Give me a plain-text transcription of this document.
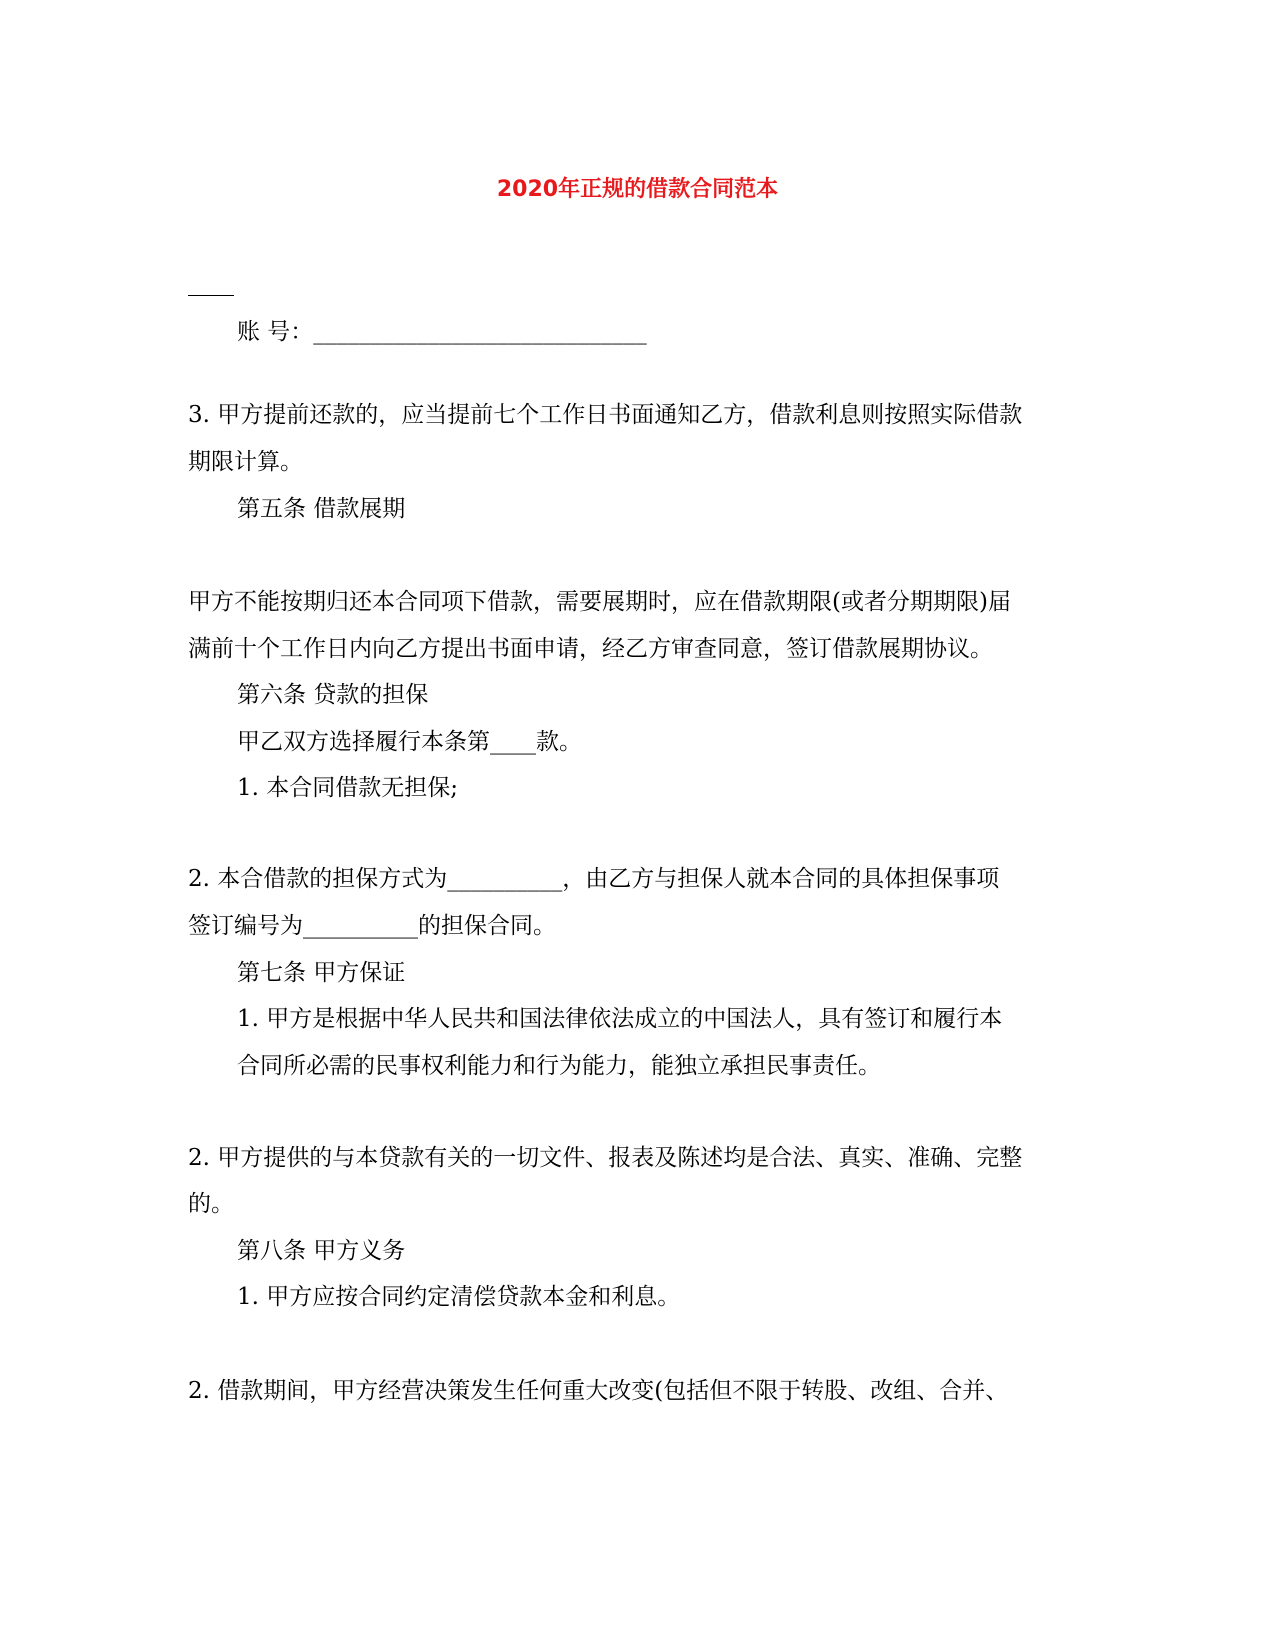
2020年正规的借款合同范本
账 号：_____________________________
3. 甲方提前还款的，应当提前七个工作日书面通知乙方，借款利息则按照实际借款
期限计算。
第五条 借款展期
甲方不能按期归还本合同项下借款，需要展期时，应在借款期限(或者分期期限)届
满前十个工作日内向乙方提出书面申请，经乙方审查同意，签订借款展期协议。
第六条 贷款的担保
甲乙双方选择履行本条第____款。
1. 本合同借款无担保;
2. 本合借款的担保方式为__________，由乙方与担保人就本合同的具体担保事项
签订编号为__________的担保合同。
第七条 甲方保证
1. 甲方是根据中华人民共和国法律依法成立的中国法人，具有签订和履行本
合同所必需的民事权利能力和行为能力，能独立承担民事责任。
2. 甲方提供的与本贷款有关的一切文件、报表及陈述均是合法、真实、准确、完整
的。
第八条 甲方义务
1. 甲方应按合同约定清偿贷款本金和利息。
2. 借款期间，甲方经营决策发生任何重大改变(包括但不限于转股、改组、合并、
